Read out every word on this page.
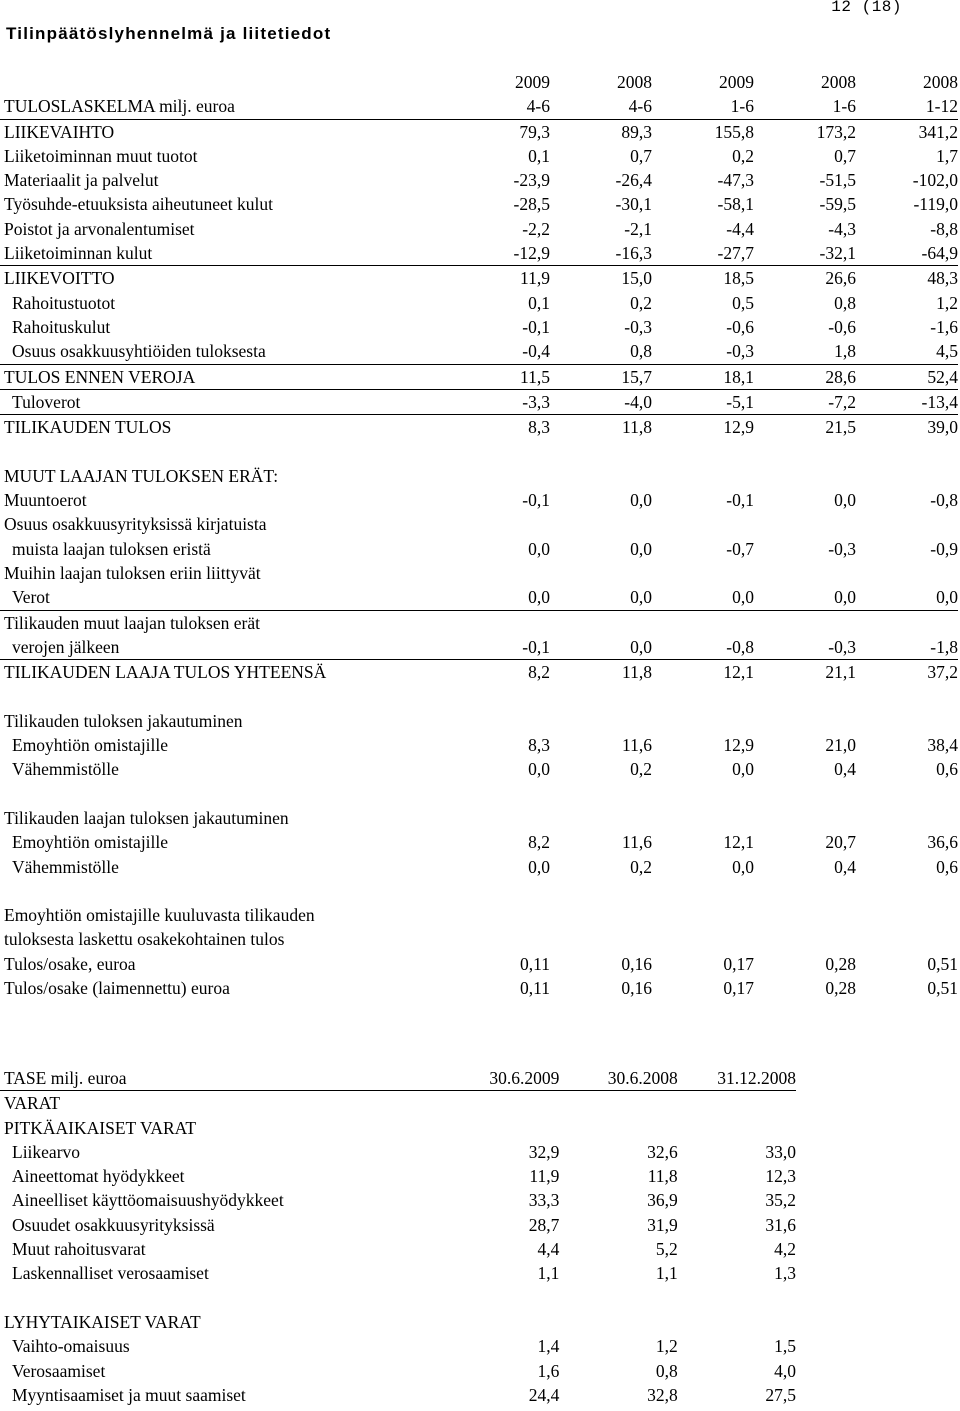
12 (18)
Tilinpäätöslyhennelmä ja liitetiedot
	2009	2008	2009	2008	2008
TULOSLASKELMA milj. euroa	4-6	4-6	1-6	1-6	1-12
LIIKEVAIHTO	79,3	89,3	155,8	173,2	341,2
Liiketoiminnan muut tuotot	0,1	0,7	0,2	0,7	1,7
Materiaalit ja palvelut	-23,9	-26,4	-47,3	-51,5	-102,0
Työsuhde-etuuksista aiheutuneet kulut	-28,5	-30,1	-58,1	-59,5	-119,0
Poistot ja arvonalentumiset	-2,2	-2,1	-4,4	-4,3	-8,8
Liiketoiminnan kulut	-12,9	-16,3	-27,7	-32,1	-64,9
LIIKEVOITTO	11,9	15,0	18,5	26,6	48,3
Rahoitustuotot	0,1	0,2	0,5	0,8	1,2
Rahoituskulut	-0,1	-0,3	-0,6	-0,6	-1,6
Osuus osakkuusyhtiöiden tuloksesta	-0,4	0,8	-0,3	1,8	4,5
TULOS ENNEN VEROJA	11,5	15,7	18,1	28,6	52,4
Tuloverot	-3,3	-4,0	-5,1	-7,2	-13,4
TILIKAUDEN TULOS	8,3	11,8	12,9	21,5	39,0

MUUT LAAJAN TULOKSEN ERÄT:					
Muuntoerot	-0,1	0,0	-0,1	0,0	-0,8
Osuus osakkuusyrityksissä kirjatuista					
muista laajan tuloksen eristä	0,0	0,0	-0,7	-0,3	-0,9
Muihin laajan tuloksen eriin liittyvät					
Verot	0,0	0,0	0,0	0,0	0,0
Tilikauden muut laajan tuloksen erät					
verojen jälkeen	-0,1	0,0	-0,8	-0,3	-1,8
TILIKAUDEN LAAJA TULOS YHTEENSÄ	8,2	11,8	12,1	21,1	37,2

Tilikauden tuloksen jakautuminen					
Emoyhtiön omistajille	8,3	11,6	12,9	21,0	38,4
Vähemmistölle	0,0	0,2	0,0	0,4	0,6

Tilikauden laajan tuloksen jakautuminen					
Emoyhtiön omistajille	8,2	11,6	12,1	20,7	36,6
Vähemmistölle	0,0	0,2	0,0	0,4	0,6

Emoyhtiön omistajille kuuluvasta tilikauden					
tuloksesta laskettu osakekohtainen tulos					
Tulos/osake, euroa	0,11	0,16	0,17	0,28	0,51
Tulos/osake (laimennettu) euroa	0,11	0,16	0,17	0,28	0,51
TASE milj. euroa	30.6.2009	30.6.2008	31.12.2008
VARAT			
PITKÄAIKAISET VARAT			
Liikearvo	32,9	32,6	33,0
Aineettomat hyödykkeet	11,9	11,8	12,3
Aineelliset käyttöomaisuushyödykkeet	33,3	36,9	35,2
Osuudet osakkuusyrityksissä	28,7	31,9	31,6
Muut rahoitusvarat	4,4	5,2	4,2
Laskennalliset verosaamiset	1,1	1,1	1,3

LYHYTAIKAISET VARAT			
Vaihto-omaisuus	1,4	1,2	1,5
Verosaamiset	1,6	0,8	4,0
Myyntisaamiset ja muut saamiset	24,4	32,8	27,5
